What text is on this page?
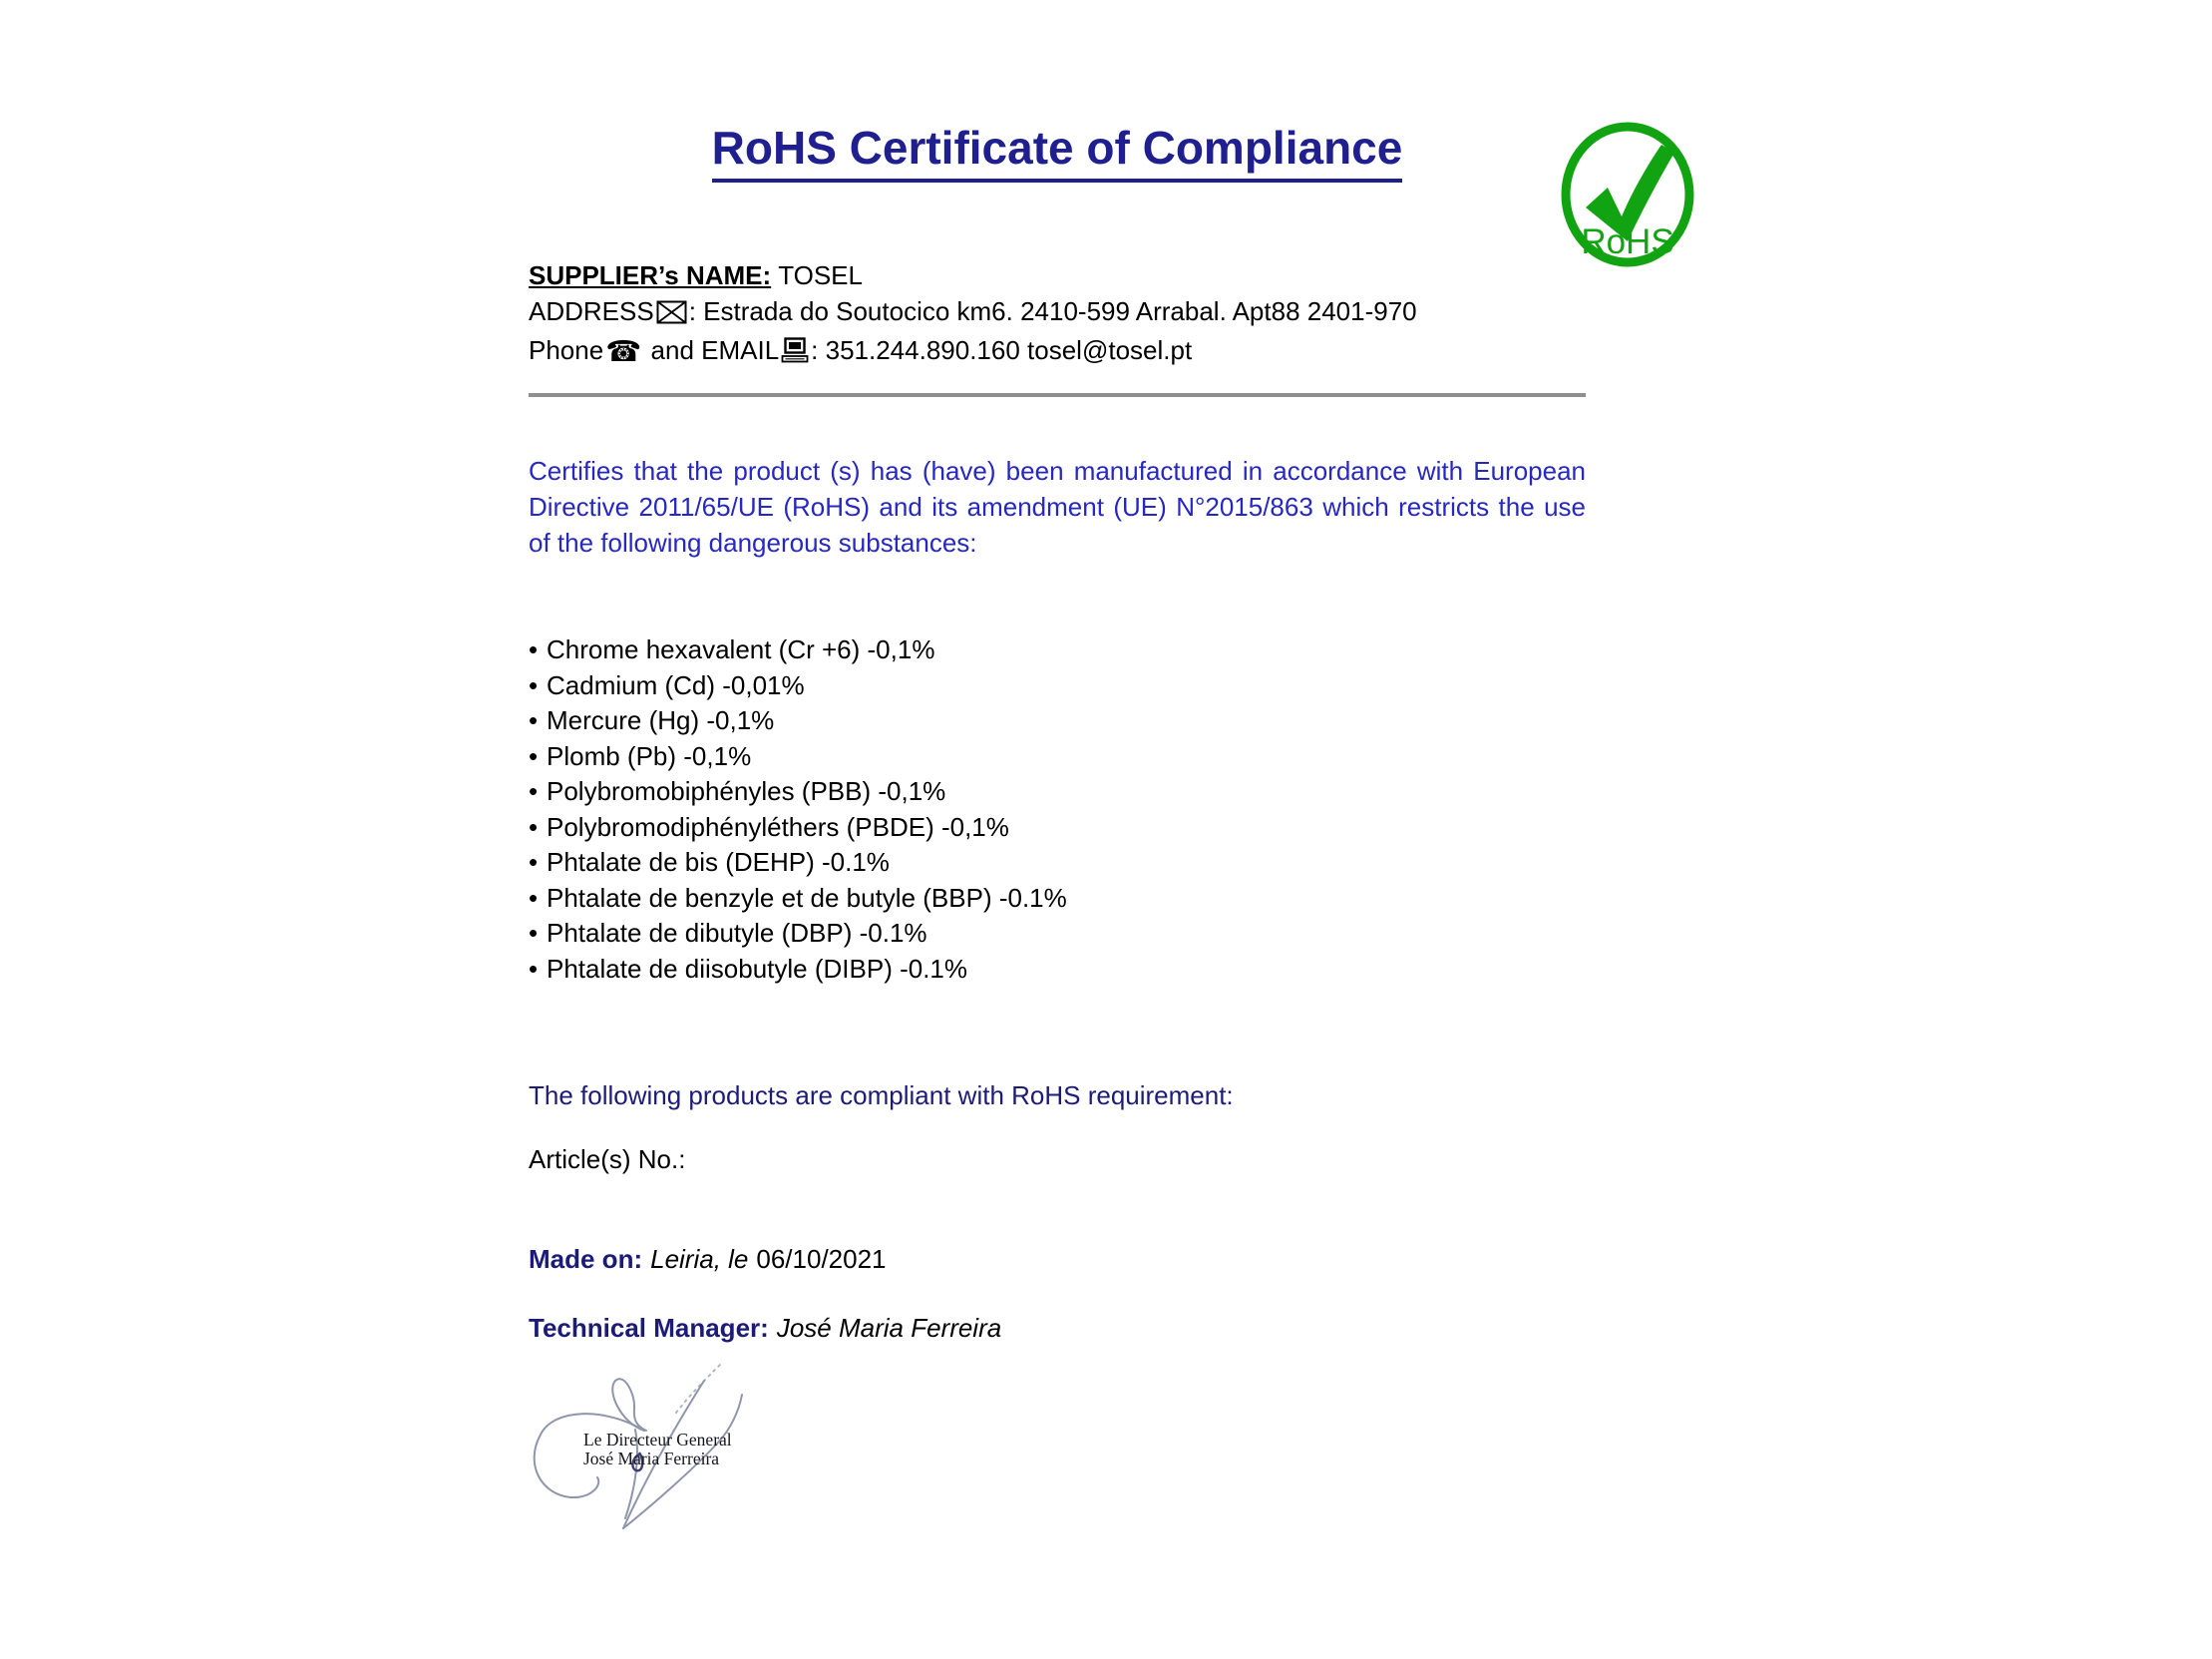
RoHS Certificate of Compliance
RoHS
SUPPLIER’s NAME: TOSEL
ADDRESS : Estrada do Soutocico km6. 2410-599 Arrabal. Apt88 2401-970
Phone☎ and EMAIL : 351.244.890.160 tosel@tosel.pt

Certifies that the product (s) has (have) been manufactured in accordance with European Directive 2011/65/UE (RoHS) and its amendment (UE) N°2015/863 which restricts the use of the following dangerous substances:

• Chrome hexavalent (Cr +6) -0,1%
• Cadmium (Cd) -0,01%
• Mercure (Hg) -0,1%
• Plomb (Pb) -0,1%
• Polybromobiphényles (PBB) -0,1%
• Polybromodiphényléthers (PBDE) -0,1%
• Phtalate de bis (DEHP) -0.1%
• Phtalate de benzyle et de butyle (BBP) -0.1%
• Phtalate de dibutyle (DBP) -0.1%
• Phtalate de diisobutyle (DIBP) -0.1%

The following products are compliant with RoHS requirement:

Article(s) No.:

Made on: Leiria, le 06/10/2021

Technical Manager: José Maria Ferreira

Le Directeur General
José Maria Ferreira
